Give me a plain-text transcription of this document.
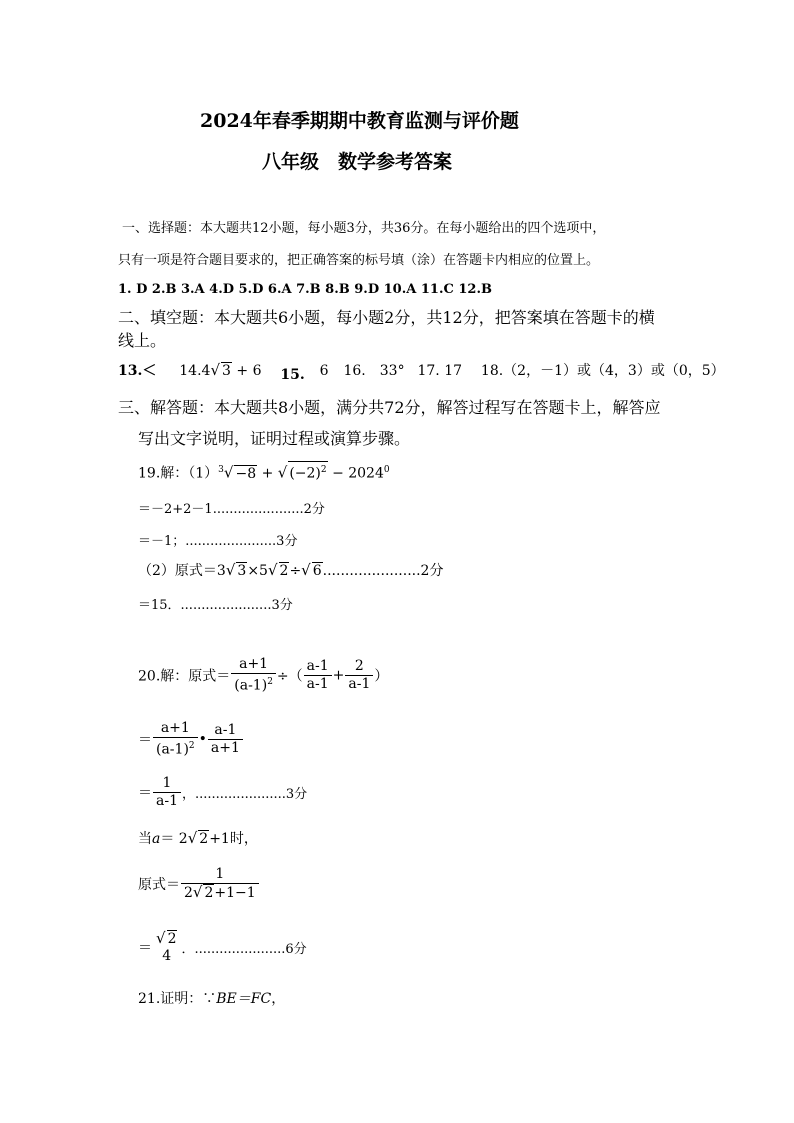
2024年春季期期中教育监测与评价题
八年级　数学参考答案
一、选择题：本大题共12小题，每小题3分，共36分。在每小题给出的四个选项中，
只有一项是符合题目要求的，把正确答案的标号填（涂）在答题卡内相应的位置上。
1. D 2.B 3.A 4.D 5.D 6.A 7.B 8.B 9.D 10.A 11.C 12.B
二、填空题：本大题共6小题，每小题2分，共12分，把答案填在答题卡的横
线上。
13.＜ 14.4√ 3 + 6 15. 6 16.　33° 17. 17 18.（2，－1）或（4，3）或（0，5）
三、解答题：本大题共8小题，满分共72分，解答过程写在答题卡上，解答应
写出文字说明，证明过程或演算步骤。
19.解：$(1)^3√ -8$ + √ $(-2)^2 - 2024^0$
＝－2+2－1......................2分
＝－1；......................3分
（2）原式＝3√ 3×5√ 2÷√ 6......................2分
＝15．......................3分
20.解：原式＝ $\frac{a+1}{(a-1)^2}$ ÷（ $\frac{a-1}{a-1} + \frac{2}{a-1}$ ）
＝ $\frac{a+1}{(a-1)^2}$ • $\frac{a-1}{a+1}$
＝ $\frac{1}{a-1}$ ，......................3分
当a＝ 2√ 2+1时，
原式＝ $\frac{1}{2√ 2+1-1}$
＝
√ 2
4 ．......................6分
21.证明：∵BE＝FC，
